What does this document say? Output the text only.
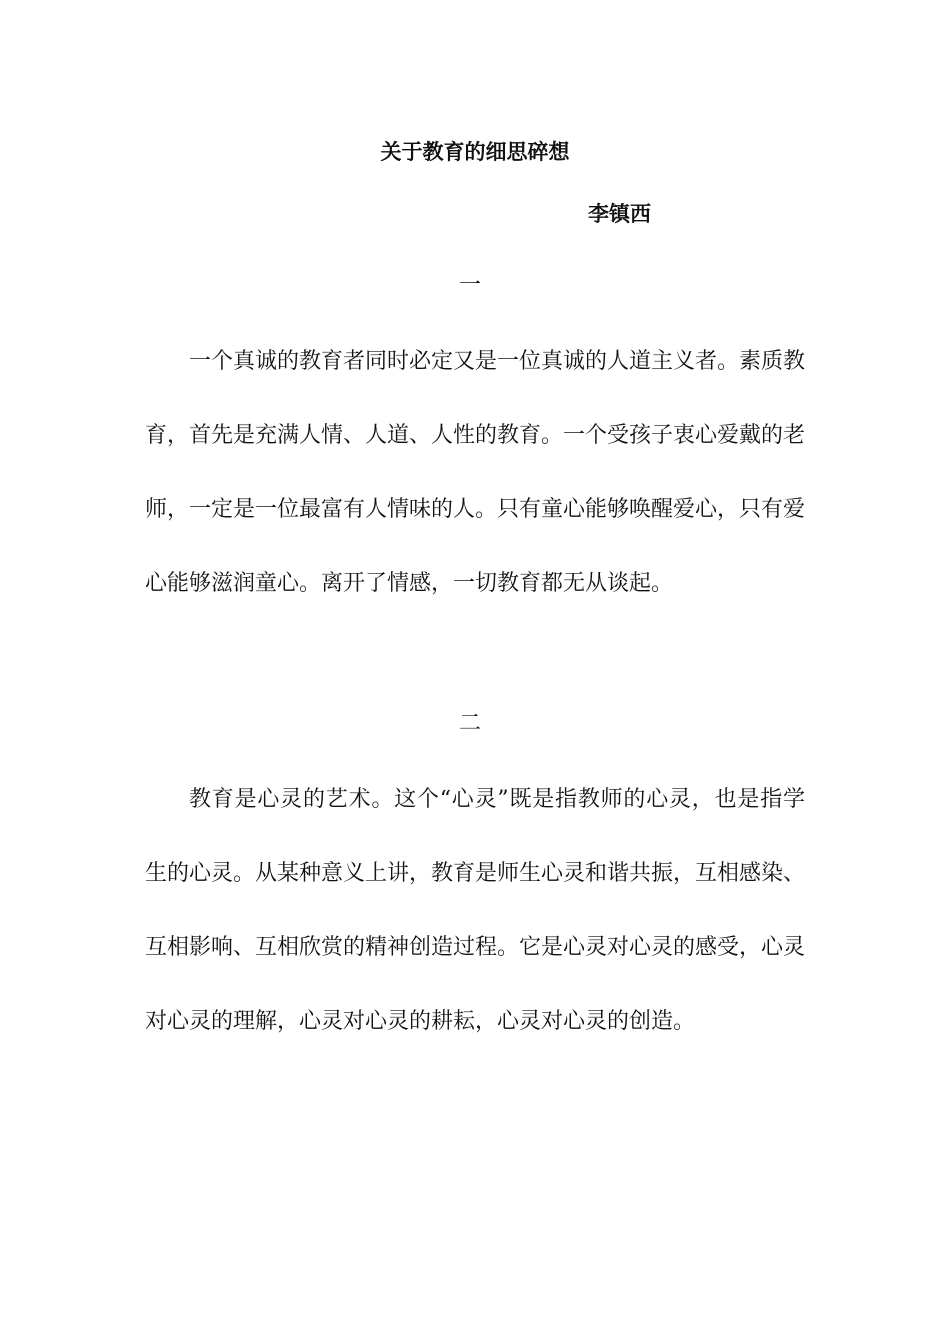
关于教育的细思碎想

李镇西

一

一个真诚的教育者同时必定又是一位真诚的人道主义者。素质教育，首先是充满人情、人道、人性的教育。一个受孩子衷心爱戴的老师，一定是一位最富有人情味的人。只有童心能够唤醒爱心，只有爱心能够滋润童心。离开了情感，一切教育都无从谈起。

二

教育是心灵的艺术。这个“心灵”既是指教师的心灵，也是指学生的心灵。从某种意义上讲，教育是师生心灵和谐共振，互相感染、互相影响、互相欣赏的精神创造过程。它是心灵对心灵的感受，心灵对心灵的理解，心灵对心灵的耕耘，心灵对心灵的创造。
